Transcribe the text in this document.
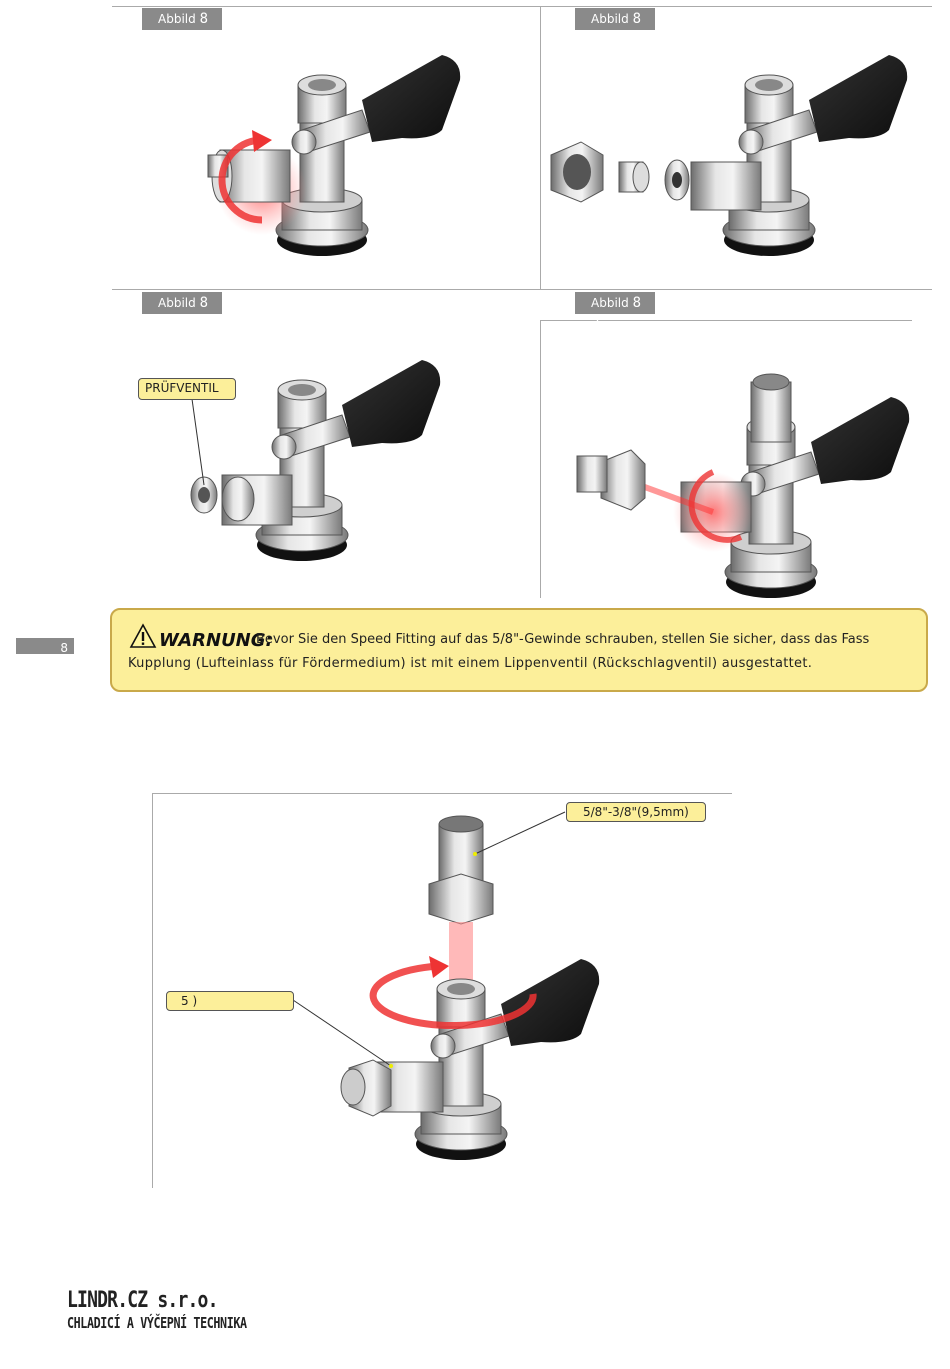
Abbild 8 A
Abbild 8 b
Abbild 8 c
Abbild 8 d
PRÜFVENTIL
8	WARNUNG:
Bevor Sie den Speed Fitting auf das 5/8"-Gewinde schrauben, stellen Sie sicher, dass das Fass
Kupplung (Lufteinlass für Fördermedium) ist mit einem Lippenventil (Rückschlagventil) ausgestattet.
5/8"-3/8"(9,5mm)
5 )
LINDR.CZ s.r.o.
CHLADICÍ A VÝČEPNÍ TECHNIKA
